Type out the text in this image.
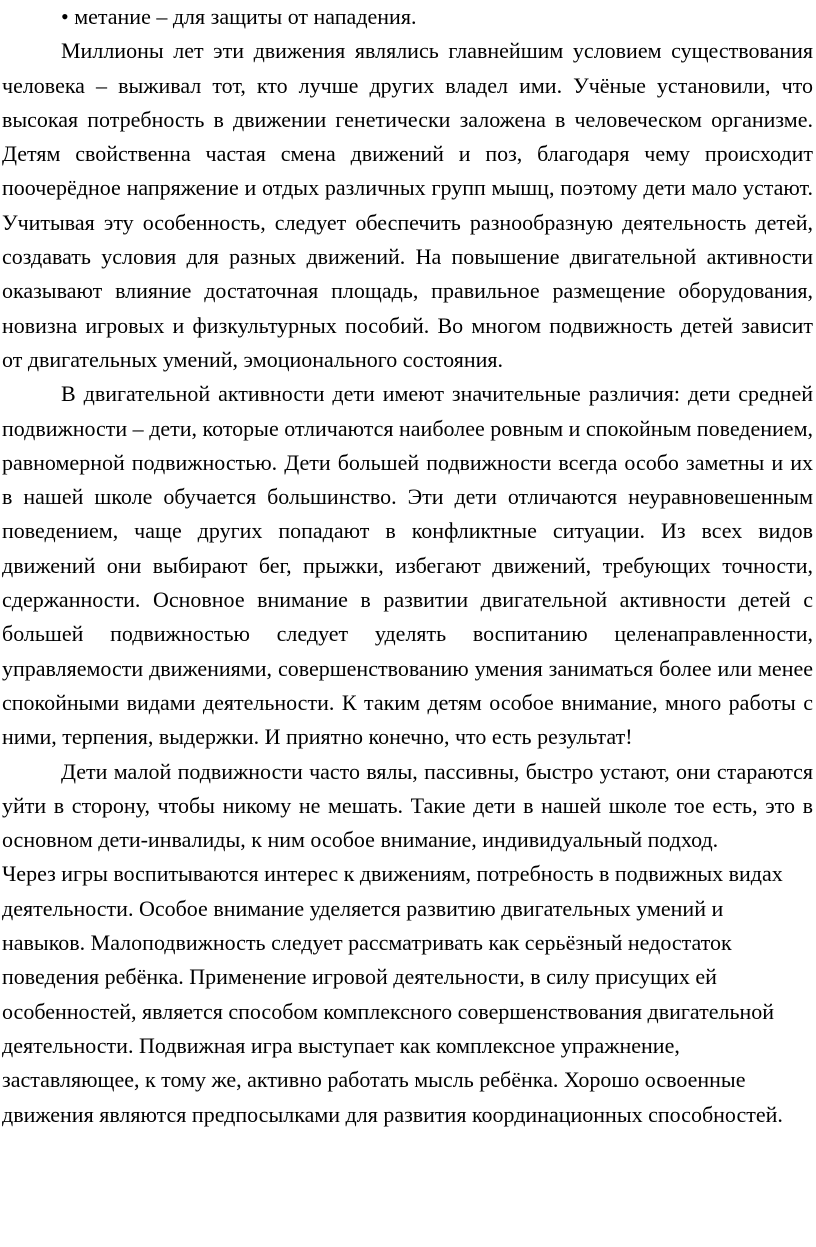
• метание – для защиты от нападения.

Миллионы лет эти движения являлись главнейшим условием существования человека – выживал тот, кто лучше других владел ими. Учёные установили, что высокая потребность в движении генетически заложена в человеческом организме. Детям свойственна частая смена движений и поз, благодаря чему происходит поочерёдное напряжение и отдых различных групп мышц, поэтому дети мало устают. Учитывая эту особенность, следует обеспечить разнообразную деятельность детей, создавать условия для разных движений. На повышение двигательной активности оказывают влияние достаточная площадь, правильное размещение оборудования, новизна игровых и физкультурных пособий. Во многом подвижность детей зависит от двигательных умений, эмоционального состояния.

В двигательной активности дети имеют значительные различия: дети средней подвижности – дети, которые отличаются наиболее ровным и спокойным поведением, равномерной подвижностью. Дети большей подвижности всегда особо заметны и их в нашей школе обучается большинство. Эти дети отличаются неуравновешенным поведением, чаще других попадают в конфликтные ситуации. Из всех видов движений они выбирают бег, прыжки, избегают движений, требующих точности, сдержанности. Основное внимание в развитии двигательной активности детей с большей подвижностью следует уделять воспитанию целенаправленности, управляемости движениями, совершенствованию умения заниматься более или менее спокойными видами деятельности. К таким детям особое внимание, много работы с ними, терпения, выдержки. И приятно конечно, что есть результат!

Дети малой подвижности часто вялы, пассивны, быстро устают, они стараются уйти в сторону, чтобы никому не мешать. Такие дети в нашей школе тое есть, это в основном дети-инвалиды, к ним особое внимание, индивидуальный подход.

Через игры воспитываются интерес к движениям, потребность в подвижных видах деятельности. Особое внимание уделяется развитию двигательных умений и навыков. Малоподвижность следует рассматривать как серьёзный недостаток поведения ребёнка. Применение игровой деятельности, в силу присущих ей особенностей, является способом комплексного совершенствования двигательной деятельности. Подвижная игра выступает как комплексное упражнение, заставляющее, к тому же, активно работать мысль ребёнка. Хорошо освоенные движения являются предпосылками для развития координационных способностей.
